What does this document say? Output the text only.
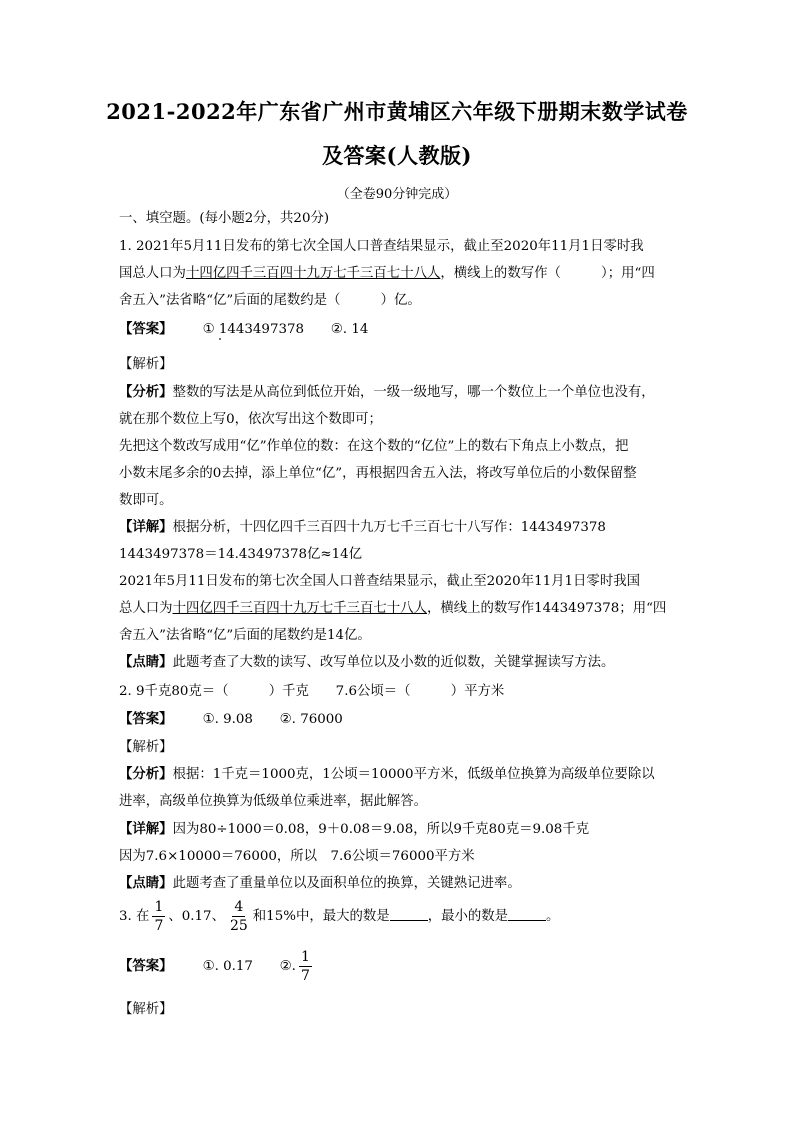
2021-2022年广东省广州市黄埔区六年级下册期末数学试卷
及答案(人教版)
（全卷90分钟完成）
一、填空题。(每小题2分，共20分)
1. 2021年5月11日发布的第七次全国人口普查结果显示，截止至2020年11月1日零时我
国总人口为十四亿四千三百四十九万七千三百七十八人，横线上的数写作（　　　）；用“四
舍五入”法省略“亿”后面的尾数约是（　　　）亿。
【答案】 ① 1443497378　　②. 14
【解析】
【分析】整数的写法是从高位到低位开始，一级一级地写，哪一个数位上一个单位也没有，
就在那个数位上写0，依次写出这个数即可；
先把这个数改写成用“亿”作单位的数：在这个数的“亿位”上的数右下角点上小数点，把
小数末尾多余的0去掉，添上单位“亿”，再根据四舍五入法，将改写单位后的小数保留整
数即可。
【详解】根据分析，十四亿四千三百四十九万七千三百七十八写作：1443497378
1443497378＝14.43497378亿≈14亿
2021年5月11日发布的第七次全国人口普查结果显示，截止至2020年11月1日零时我国
总人口为十四亿四千三百四十九万七千三百七十八人，横线上的数写作1443497378；用“四
舍五入”法省略“亿”后面的尾数约是14亿。
【点睛】此题考查了大数的读写、改写单位以及小数的近似数，关键掌握读写方法。
2. 9千克80克＝（　　　）千克　　7.6公顷＝（　　　）平方米
【答案】 ①. 9.08　　②. 76000
【解析】
【分析】根据：1千克＝1000克，1公顷＝10000平方米，低级单位换算为高级单位要除以
进率，高级单位换算为低级单位乘进率，据此解答。
【详解】因为80÷1000＝0.08，9＋0.08＝9.08，所以9千克80克＝9.08千克
因为7.6×10000＝76000，所以　7.6公顷＝76000平方米
【点睛】此题考查了重量单位以及面积单位的换算，关键熟记进率。
3. 在 $\frac{1}{7}$ 、0.17、 $\frac{4}{25}$ 和15%中，最大的数是	，最小的数是	。
【答案】 ①. 0.17　　②. $\frac{1}{7}$
【解析】
